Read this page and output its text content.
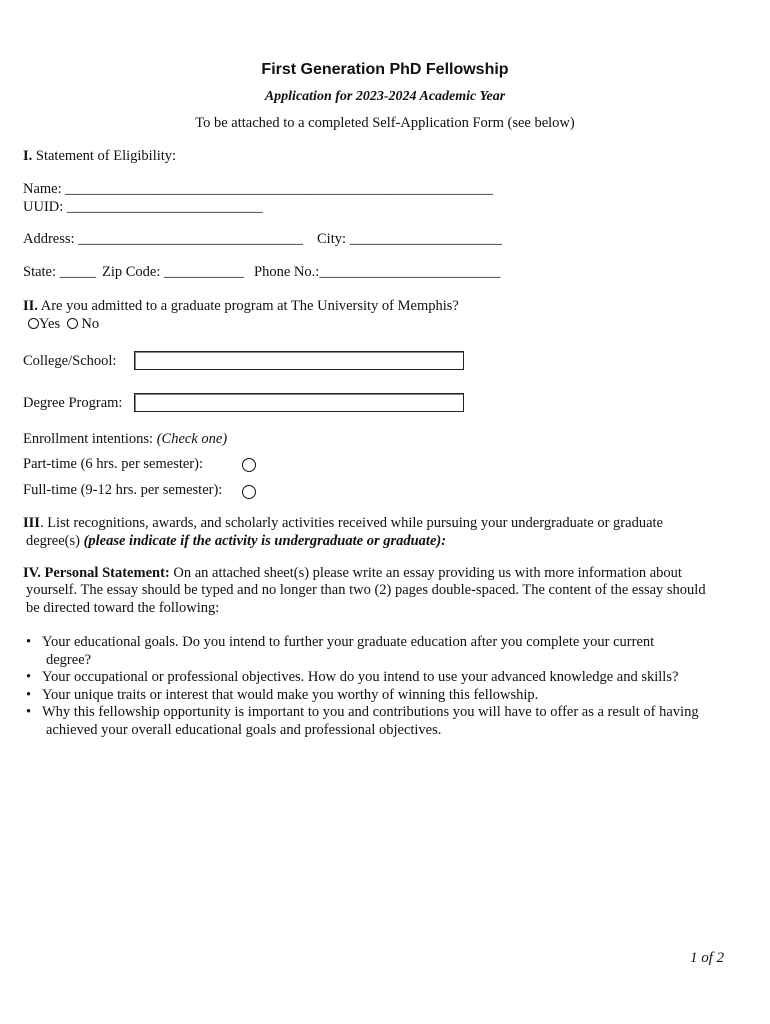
First Generation PhD Fellowship
Application for 2023-2024 Academic Year
To be attached to a completed Self-Application Form (see below)
I. Statement of Eligibility:
Name: ___________________________________________________________
UUID: ___________________________
Address: _______________________________ City: _____________________
State: _____ Zip Code: ___________ Phone No.:_________________________
II. Are you admitted to a graduate program at The University of Memphis?
Yes No
College/School:
Degree Program:
Enrollment intentions: (Check one)
Part-time (6 hrs. per semester):
Full-time (9-12 hrs. per semester):
III. List recognitions, awards, and scholarly activities received while pursuing your undergraduate or graduate
degree(s) (please indicate if the activity is undergraduate or graduate):
IV. Personal Statement: On an attached sheet(s) please write an essay providing us with more information about
yourself. The essay should be typed and no longer than two (2) pages double-spaced. The content of the essay should
be directed toward the following:
• Your educational goals. Do you intend to further your graduate education after you complete your current
degree?
• Your occupational or professional objectives. How do you intend to use your advanced knowledge and skills?
• Your unique traits or interest that would make you worthy of winning this fellowship.
• Why this fellowship opportunity is important to you and contributions you will have to offer as a result of having
achieved your overall educational goals and professional objectives.
1 of 2
